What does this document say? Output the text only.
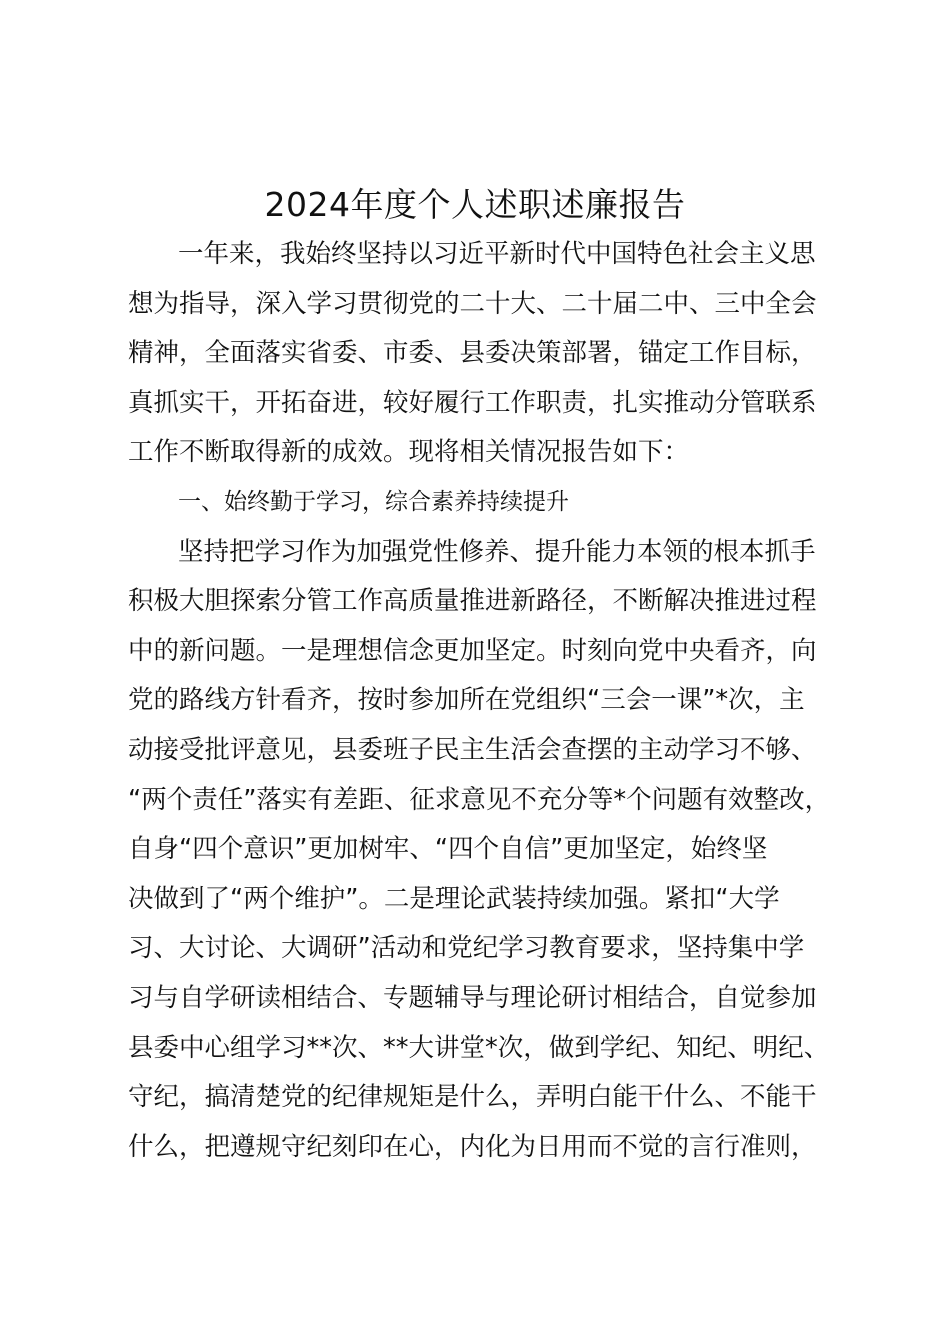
2024年度个人述职述廉报告
一年来，我始终坚持以习近平新时代中国特色社会主义思
想为指导，深入学习贯彻党的二十大、二十届二中、三中全会
精神，全面落实省委、市委、县委决策部署，锚定工作目标，
真抓实干，开拓奋进，较好履行工作职责，扎实推动分管联系
工作不断取得新的成效。现将相关情况报告如下：
一、始终勤于学习，综合素养持续提升
坚持把学习作为加强党性修养、提升能力本领的根本抓手
积极大胆探索分管工作高质量推进新路径，不断解决推进过程
中的新问题。一是理想信念更加坚定。时刻向党中央看齐，向
党的路线方针看齐，按时参加所在党组织“三会一课”*次，主
动接受批评意见，县委班子民主生活会查摆的主动学习不够、
“两个责任”落实有差距、征求意见不充分等*个问题有效整改，
自身“四个意识”更加树牢、“四个自信”更加坚定，始终坚
决做到了“两个维护”。二是理论武装持续加强。紧扣“大学
习、大讨论、大调研”活动和党纪学习教育要求，坚持集中学
习与自学研读相结合、专题辅导与理论研讨相结合，自觉参加
县委中心组学习**次、**大讲堂*次，做到学纪、知纪、明纪、
守纪，搞清楚党的纪律规矩是什么，弄明白能干什么、不能干
什么，把遵规守纪刻印在心，内化为日用而不觉的言行准则，
